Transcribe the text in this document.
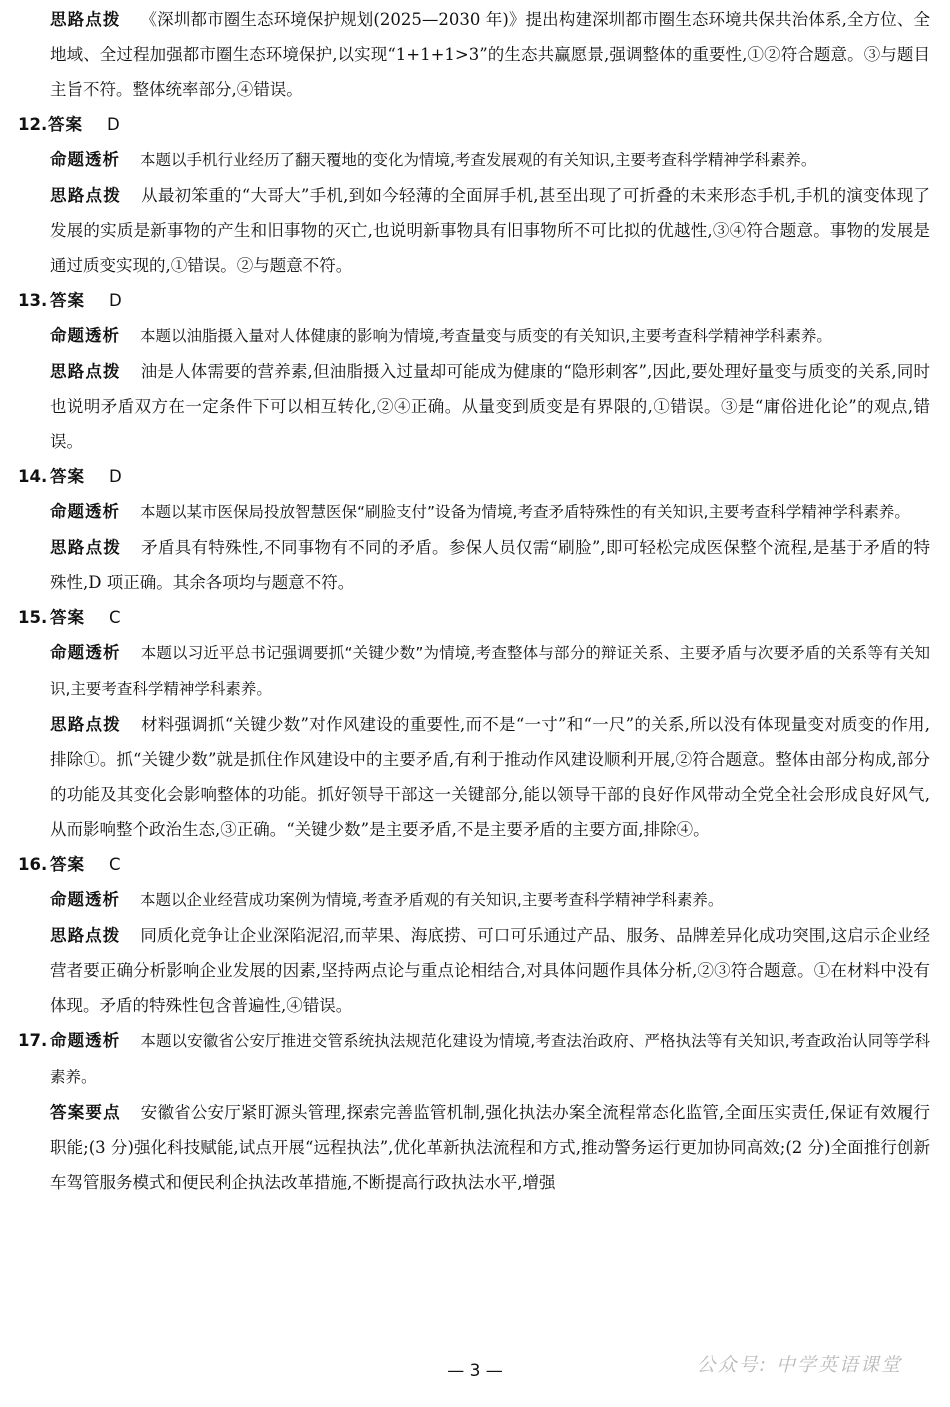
思路点拨 《深圳都市圈生态环境保护规划(2025—2030 年)》提出构建深圳都市圈生态环境共保共治体系,全方位、全地域、全过程加强都市圈生态环境保护,以实现“1+1+1>3”的生态共赢愿景,强调整体的重要性,①②符合题意。③与题目主旨不符。整体统率部分,④错误。
12. 答案 D
命题透析 本题以手机行业经历了翻天覆地的变化为情境,考查发展观的有关知识,主要考查科学精神学科素养。
思路点拨 从最初笨重的“大哥大”手机,到如今轻薄的全面屏手机,甚至出现了可折叠的未来形态手机,手机的演变体现了发展的实质是新事物的产生和旧事物的灭亡,也说明新事物具有旧事物所不可比拟的优越性,③④符合题意。事物的发展是通过质变实现的,①错误。②与题意不符。
13. 答案 D
命题透析 本题以油脂摄入量对人体健康的影响为情境,考查量变与质变的有关知识,主要考查科学精神学科素养。
思路点拨 油是人体需要的营养素,但油脂摄入过量却可能成为健康的“隐形刺客”,因此,要处理好量变与质变的关系,同时也说明矛盾双方在一定条件下可以相互转化,②④正确。从量变到质变是有界限的,①错误。③是“庸俗进化论”的观点,错误。
14. 答案 D
命题透析 本题以某市医保局投放智慧医保“刷脸支付”设备为情境,考查矛盾特殊性的有关知识,主要考查科学精神学科素养。
思路点拨 矛盾具有特殊性,不同事物有不同的矛盾。参保人员仅需“刷脸”,即可轻松完成医保整个流程,是基于矛盾的特殊性,D 项正确。其余各项均与题意不符。
15. 答案 C
命题透析 本题以习近平总书记强调要抓“关键少数”为情境,考查整体与部分的辩证关系、主要矛盾与次要矛盾的关系等有关知识,主要考查科学精神学科素养。
思路点拨 材料强调抓“关键少数”对作风建设的重要性,而不是“一寸”和“一尺”的关系,所以没有体现量变对质变的作用,排除①。抓“关键少数”就是抓住作风建设中的主要矛盾,有利于推动作风建设顺利开展,②符合题意。整体由部分构成,部分的功能及其变化会影响整体的功能。抓好领导干部这一关键部分,能以领导干部的良好作风带动全党全社会形成良好风气,从而影响整个政治生态,③正确。“关键少数”是主要矛盾,不是主要矛盾的主要方面,排除④。
16. 答案 C
命题透析 本题以企业经营成功案例为情境,考查矛盾观的有关知识,主要考查科学精神学科素养。
思路点拨 同质化竞争让企业深陷泥沼,而苹果、海底捞、可口可乐通过产品、服务、品牌差异化成功突围,这启示企业经营者要正确分析影响企业发展的因素,坚持两点论与重点论相结合,对具体问题作具体分析,②③符合题意。①在材料中没有体现。矛盾的特殊性包含普遍性,④错误。
17. 命题透析 本题以安徽省公安厅推进交管系统执法规范化建设为情境,考查法治政府、严格执法等有关知识,考查政治认同等学科素养。
答案要点 安徽省公安厅紧盯源头管理,探索完善监管机制,强化执法办案全流程常态化监管,全面压实责任,保证有效履行职能;(3 分)强化科技赋能,试点开展“远程执法”,优化革新执法流程和方式,推动警务运行更加协同高效;(2 分)全面推行创新车驾管服务模式和便民利企执法改革措施,不断提高行政执法水平,增强
— 3 —	公众号: 中学英语课堂
